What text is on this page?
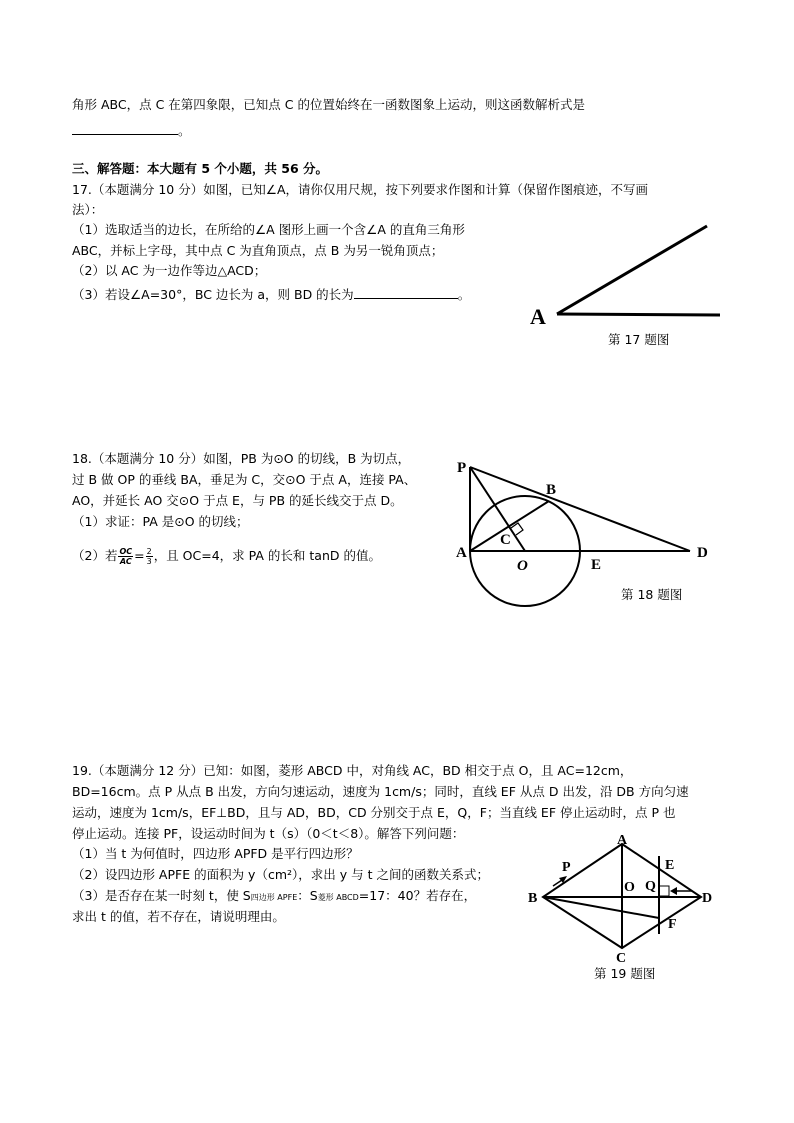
角形 ABC，点 C 在第四象限，已知点 C 的位置始终在一函数图象上运动，则这函数解析式是
。
三、解答题：本大题有 5 个小题，共 56 分。
17.（本题满分 10 分）如图，已知∠A，请你仅用尺规，按下列要求作图和计算（保留作图痕迹，不写画
法）：
（1）选取适当的边长，在所给的∠A 图形上画一个含∠A 的直角三角形
ABC，并标上字母，其中点 C 为直角顶点，点 B 为另一锐角顶点；
（2）以 AC 为一边作等边△ACD；
（3）若设∠A=30°，BC 边长为 a，则 BD 的长为	。
A
第 17 题图
18.（本题满分 10 分）如图，PB 为⊙O 的切线，B 为切点，
过 B 做 OP 的垂线 BA，垂足为 C，交⊙O 于点 A，连接 PA、
AO，并延长 AO 交⊙O 于点 E，与 PB 的延长线交于点 D。
（1）求证：PA 是⊙O 的切线；
（2）若 $\frac{OC}{AC} = \frac{2}{3}$ ，且 OC=4，求 PA 的长和 tanD 的值。
P
B
C
A
O	E
D
第 18 题图
19.（本题满分 12 分）已知：如图，菱形 ABCD 中，对角线 AC，BD 相交于点 O，且 AC=12cm，
BD=16cm。点 P 从点 B 出发，方向匀速运动，速度为 1cm/s；同时，直线 EF 从点 D 出发，沿 DB 方向匀速
运动，速度为 1cm/s，EF⊥BD，且与 AD，BD，CD 分别交于点 E，Q，F；当直线 EF 停止运动时，点 P 也
停止运动。连接 PF，设运动时间为 t（s）（0＜t＜8）。解答下列问题：
（1）当 t 为何值时，四边形 APFD 是平行四边形？
（2）设四边形 APFE 的面积为 y（cm²），求出 y 与 t 之间的函数关系式；
（3）是否存在某一时刻 t，使 S四边形 APFE：S菱形 ABCD=17：40？若存在，
求出 t 的值，若不存在，请说明理由。
A
P	E
B
O Q
D
F
C
第 19 题图
